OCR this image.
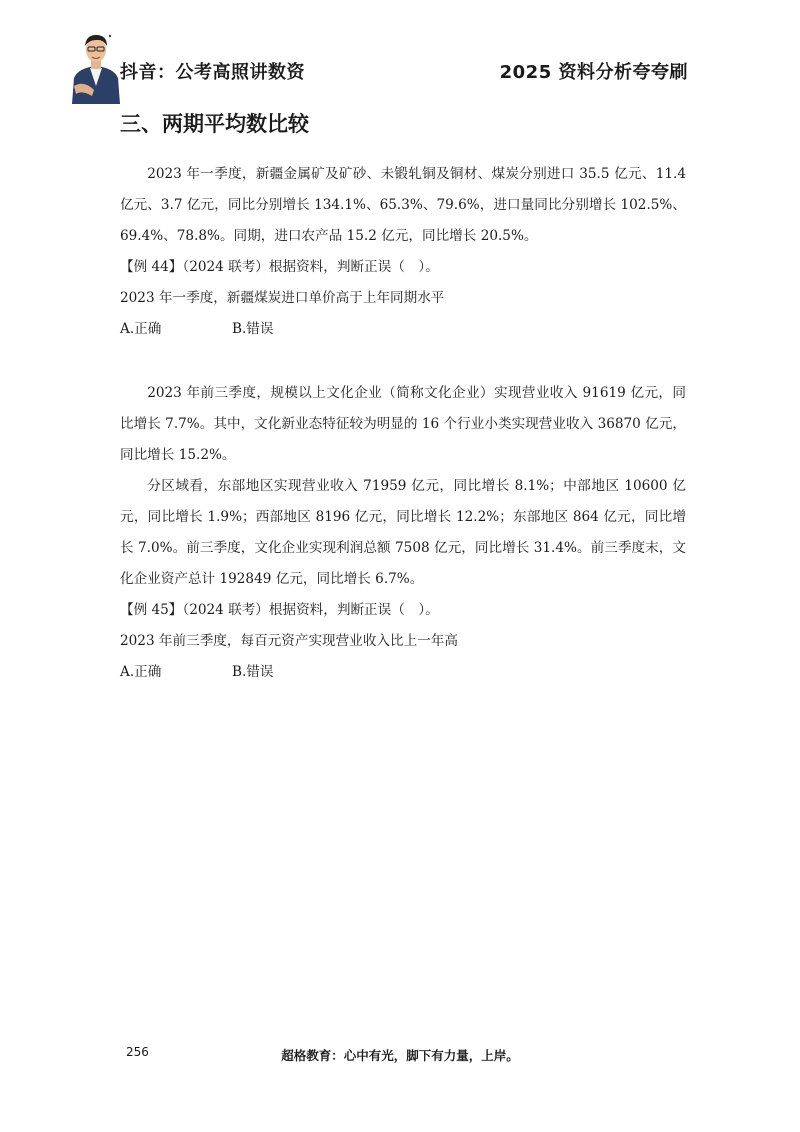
抖音：公考高照讲数资	2025 资料分析夸夸刷
三、两期平均数比较

2023 年一季度，新疆金属矿及矿砂、未锻轧铜及铜材、煤炭分别进口 35.5 亿元、11.4 亿元、3.7 亿元，同比分别增长 134.1%、65.3%、79.6%，进口量同比分别增长 102.5%、69.4%、78.8%。同期，进口农产品 15.2 亿元，同比增长 20.5%。

【例 44】（2024 联考）根据资料，判断正误（　）。

2023 年一季度，新疆煤炭进口单价高于上年同期水平

A.正确	B.错误

2023 年前三季度，规模以上文化企业（简称文化企业）实现营业收入 91619 亿元，同比增长 7.7%。其中，文化新业态特征较为明显的 16 个行业小类实现营业收入 36870 亿元，同比增长 15.2%。

分区域看，东部地区实现营业收入 71959 亿元，同比增长 8.1%；中部地区 10600 亿元，同比增长 1.9%；西部地区 8196 亿元，同比增长 12.2%；东部地区 864 亿元，同比增长 7.0%。前三季度，文化企业实现利润总额 7508 亿元，同比增长 31.4%。前三季度末，文化企业资产总计 192849 亿元，同比增长 6.7%。

【例 45】（2024 联考）根据资料，判断正误（　）。

2023 年前三季度，每百元资产实现营业收入比上一年高

A.正确	B.错误
256	超格教育：心中有光，脚下有力量，上岸。
